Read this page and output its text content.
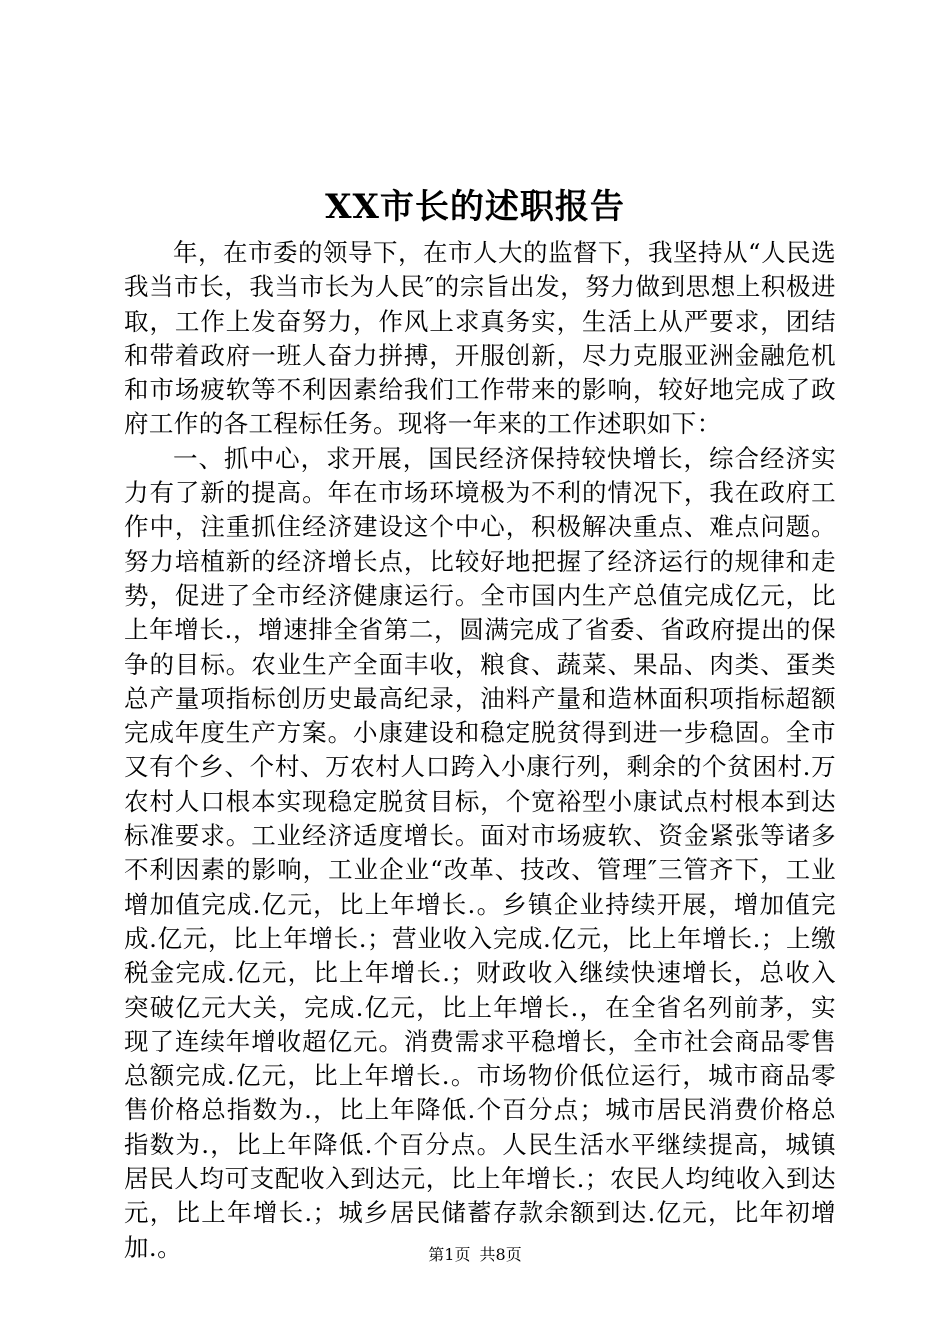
XX市长的述职报告

年，在市委的领导下，在市人大的监督下，我坚持从“人民选我当市长，我当市长为人民″的宗旨出发，努力做到思想上积极进取，工作上发奋努力，作风上求真务实，生活上从严要求，团结和带着政府一班人奋力拼搏，开服创新，尽力克服亚洲金融危机和市场疲软等不利因素给我们工作带来的影响，较好地完成了政府工作的各工程标任务。现将一年来的工作述职如下：

一、抓中心，求开展，国民经济保持较快增长，综合经济实力有了新的提高。年在市场环境极为不利的情况下，我在政府工作中，注重抓住经济建设这个中心，积极解决重点、难点问题。努力培植新的经济增长点，比较好地把握了经济运行的规律和走势，促进了全市经济健康运行。全市国内生产总值完成亿元，比上年增长.，增速排全省第二，圆满完成了省委、省政府提出的保争的目标。农业生产全面丰收，粮食、蔬菜、果品、肉类、蛋类总产量项指标创历史最高纪录，油料产量和造林面积项指标超额完成年度生产方案。小康建设和稳定脱贫得到进一步稳固。全市又有个乡、个村、万农村人口跨入小康行列，剩余的个贫困村.万农村人口根本实现稳定脱贫目标，个宽裕型小康试点村根本到达标准要求。工业经济适度增长。面对市场疲软、资金紧张等诸多不利因素的影响，工业企业“改革、技改、管理″三管齐下，工业增加值完成.亿元，比上年增长.。乡镇企业持续开展，增加值完成.亿元，比上年增长.；营业收入完成.亿元，比上年增长.；上缴税金完成.亿元，比上年增长.；财政收入继续快速增长，总收入突破亿元大关，完成.亿元，比上年增长.，在全省名列前茅，实现了连续年增收超亿元。消费需求平稳增长，全市社会商品零售总额完成.亿元，比上年增长.。市场物价低位运行，城市商品零售价格总指数为.，比上年降低.个百分点；城市居民消费价格总指数为.，比上年降低.个百分点。人民生活水平继续提高，城镇居民人均可支配收入到达元，比上年增长.；农民人均纯收入到达元，比上年增长.；城乡居民储蓄存款余额到达.亿元，比年初增加.。	第1页 共8页
